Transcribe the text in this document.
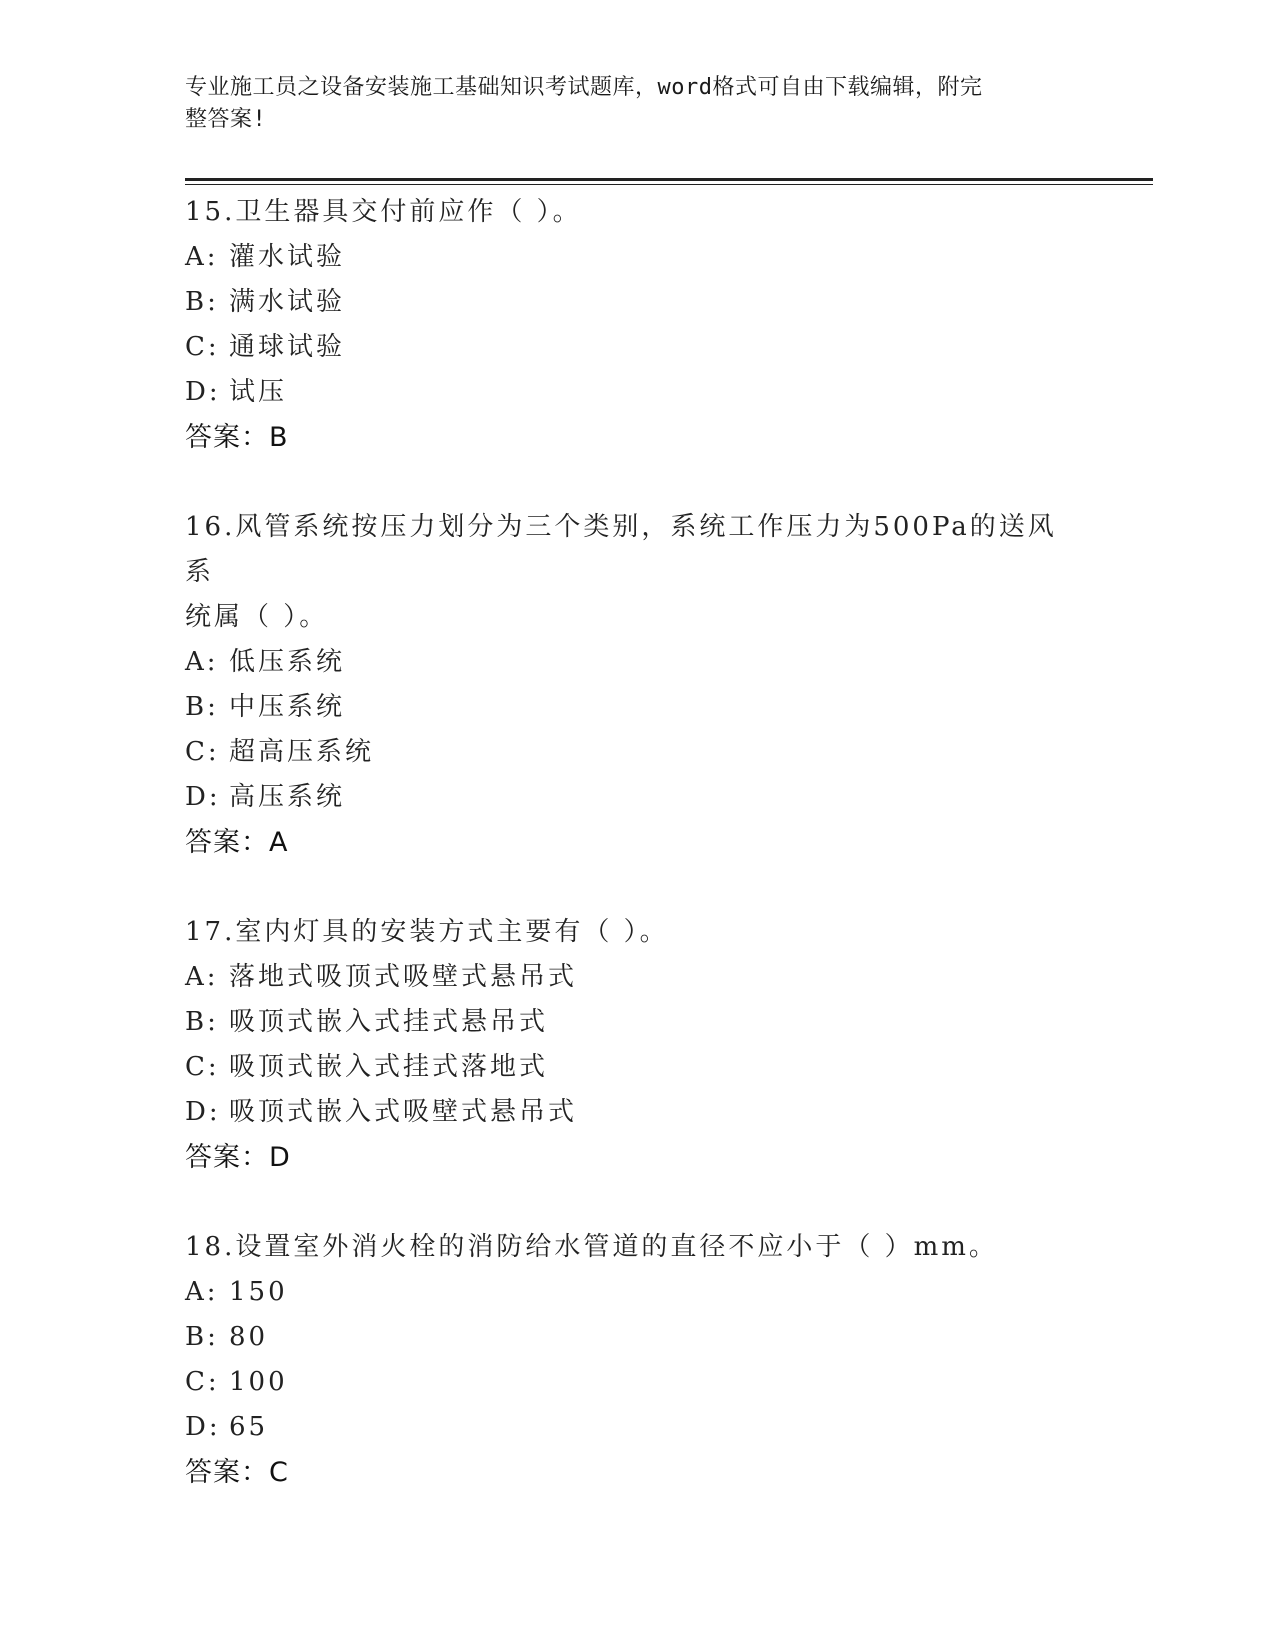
专业施工员之设备安装施工基础知识考试题库，word格式可自由下载编辑，附完
整答案!
15.卫生器具交付前应作（ ）。
A: 灌水试验
B: 满水试验
C: 通球试验
D: 试压
答案：B
16.风管系统按压力划分为三个类别，系统工作压力为500Pa的送风系
统属（ ）。
A: 低压系统
B: 中压系统
C: 超高压系统
D: 高压系统
答案：A
17.室内灯具的安装方式主要有（ ）。
A: 落地式吸顶式吸壁式悬吊式
B: 吸顶式嵌入式挂式悬吊式
C: 吸顶式嵌入式挂式落地式
D: 吸顶式嵌入式吸壁式悬吊式
答案：D
18.设置室外消火栓的消防给水管道的直径不应小于（ ）mm。
A: 150
B: 80
C: 100
D: 65
答案：C
